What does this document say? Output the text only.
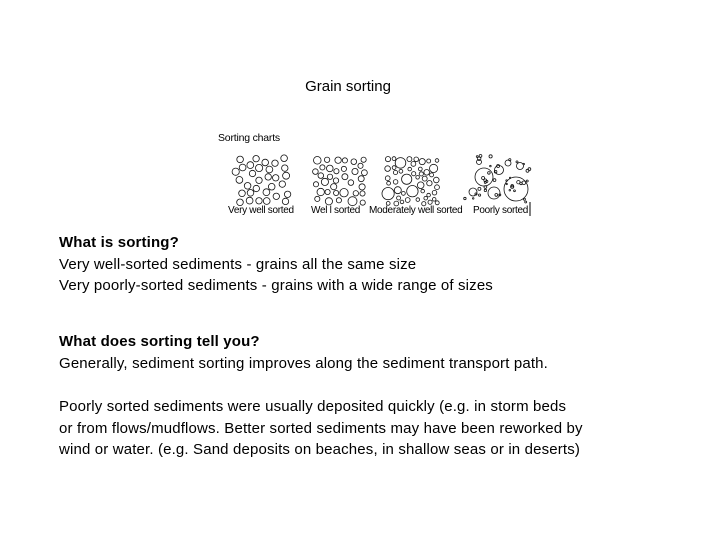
Grain sorting
Sorting charts
Very well sorted Wel l sorted Moderately well sorted Poorly sorted

What is sorting?

Very well-sorted sediments - grains all the same size

Very poorly-sorted sediments - grains with a wide range of sizes

What does sorting tell you?

Generally, sediment sorting improves along the sediment transport path.

Poorly sorted sediments were usually deposited quickly (e.g. in storm beds

or from flows/mudflows. Better sorted sediments may have been reworked by

wind or water. (e.g. Sand deposits on beaches, in shallow seas or in deserts)
